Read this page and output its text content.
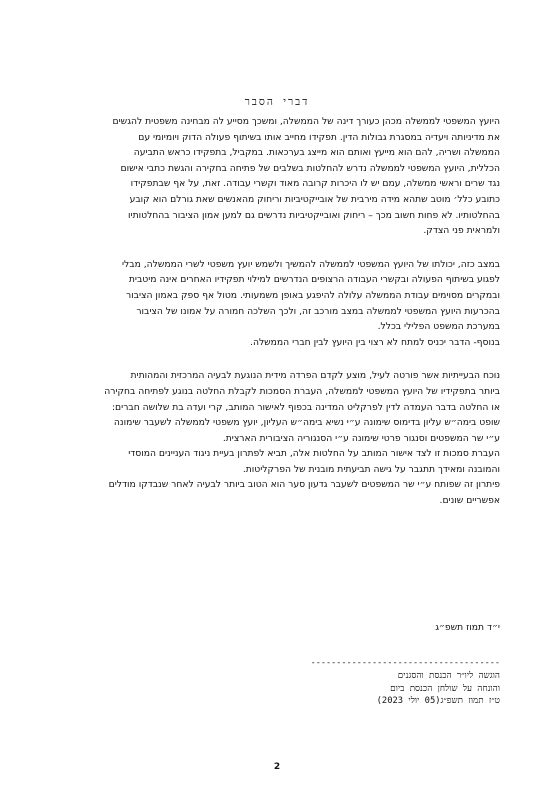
דברי הסבר

היועץ המשפטי לממשלה מכהן כעורך דינה של הממשלה, ומשכך מסייע לה מבחינה משפטית להגשים
את מדיניותה ויעדיה במסגרת גבולות הדין. תפקידו מחייב אותו בשיתוף פעולה הדוק ויומיומי עם
הממשלה ושריה, להם הוא מייעץ ואותם הוא מייצג בערכאות. במקביל, בתפקידו כראש התביעה
הכללית, היועץ המשפטי לממשלה נדרש להחלטות בשלבים של פתיחה בחקירה והגשת כתבי אישום
נגד שרים וראשי ממשלה, עמם יש לו היכרות קרובה מאוד וקשרי עבודה. זאת, על אף שבתפקידו
כתובע כלל׳ מוטב שתהא מידה מירבית של אובייקטיביות וריחוק מהאנשים שאת גורלם הוא קובע
בהחלטותיו. לא פחות חשוב מכך – ריחוק ואובייקטיביות נדרשים גם למען אמון הציבור בהחלטותיו
ולמראית פני הצדק.

במצב כזה, יכולתו של היועץ המשפטי לממשלה להמשיך ולשמש יועץ משפטי לשרי הממשלה, מבלי
לפגוע בשיתוף הפעולה ובקשרי העבודה הרצופים הנדרשים למילוי תפקידיו האחרים אינה מיטבית
ובמקרים מסוימים עבודת הממשלה עלולה להיפגע באופן משמעותי. מטול אף ספק באמון הציבור
בהכרעות היועץ המשפטי לממשלה במצב מורכב זה, ולכך השלכה חמורה על אמונו של הציבור
במערכת המשפט הפלילי בכלל.

בנוסף- הדבר יכניס למתח לא רצוי בין היועץ לבין חברי הממשלה.

נוכח הבעייתיות אשר פורטה לעיל, מוצע לקדם הפרדה מידית הנוגעת לבעיה המרכזית והמהותית
ביותר בתפקידיו של היועץ המשפטי לממשלה, העברת הסמכות לקבלת החלטה בנוגע לפתיחה בחקירה
או החלטה בדבר העמדה לדין לפרקליט המדינה בכפוף לאישור המותב, קרי ועדה בת שלושה חברים:
שופט בימה״ש עליון בדימוס שימונה ע״י נשיא בימה״ש העליון, יועץ משפטי לממשלה לשעבר שימונה
ע״י שר המשפטים וסנגור פרטי שימונה ע״י הסנגוריה הציבורית הארצית.

העברת סמכות זו לצד אישור המותב על החלטות אלה, תביא לפתרון בעיית ניגוד העניינים המוסדי
והמובנה ומאידך תתגבר על גישה תביעתית מובנית של הפרקליטות.

פיתרון זה שפותח ע״י שר המשפטים לשעבר גדעון סער הוא הטוב ביותר לבעיה לאחר שנבדקו מודלים
אפשריים שונים.

י״ד תמוז תשפ״ג
-------------------------------------
הוגשה ליו״ר הכנסת והסגנים
והונחה על שולחן הכנסת ביום
ט״ז תמוז תשפ״ג(05 יולי 2023)
2
